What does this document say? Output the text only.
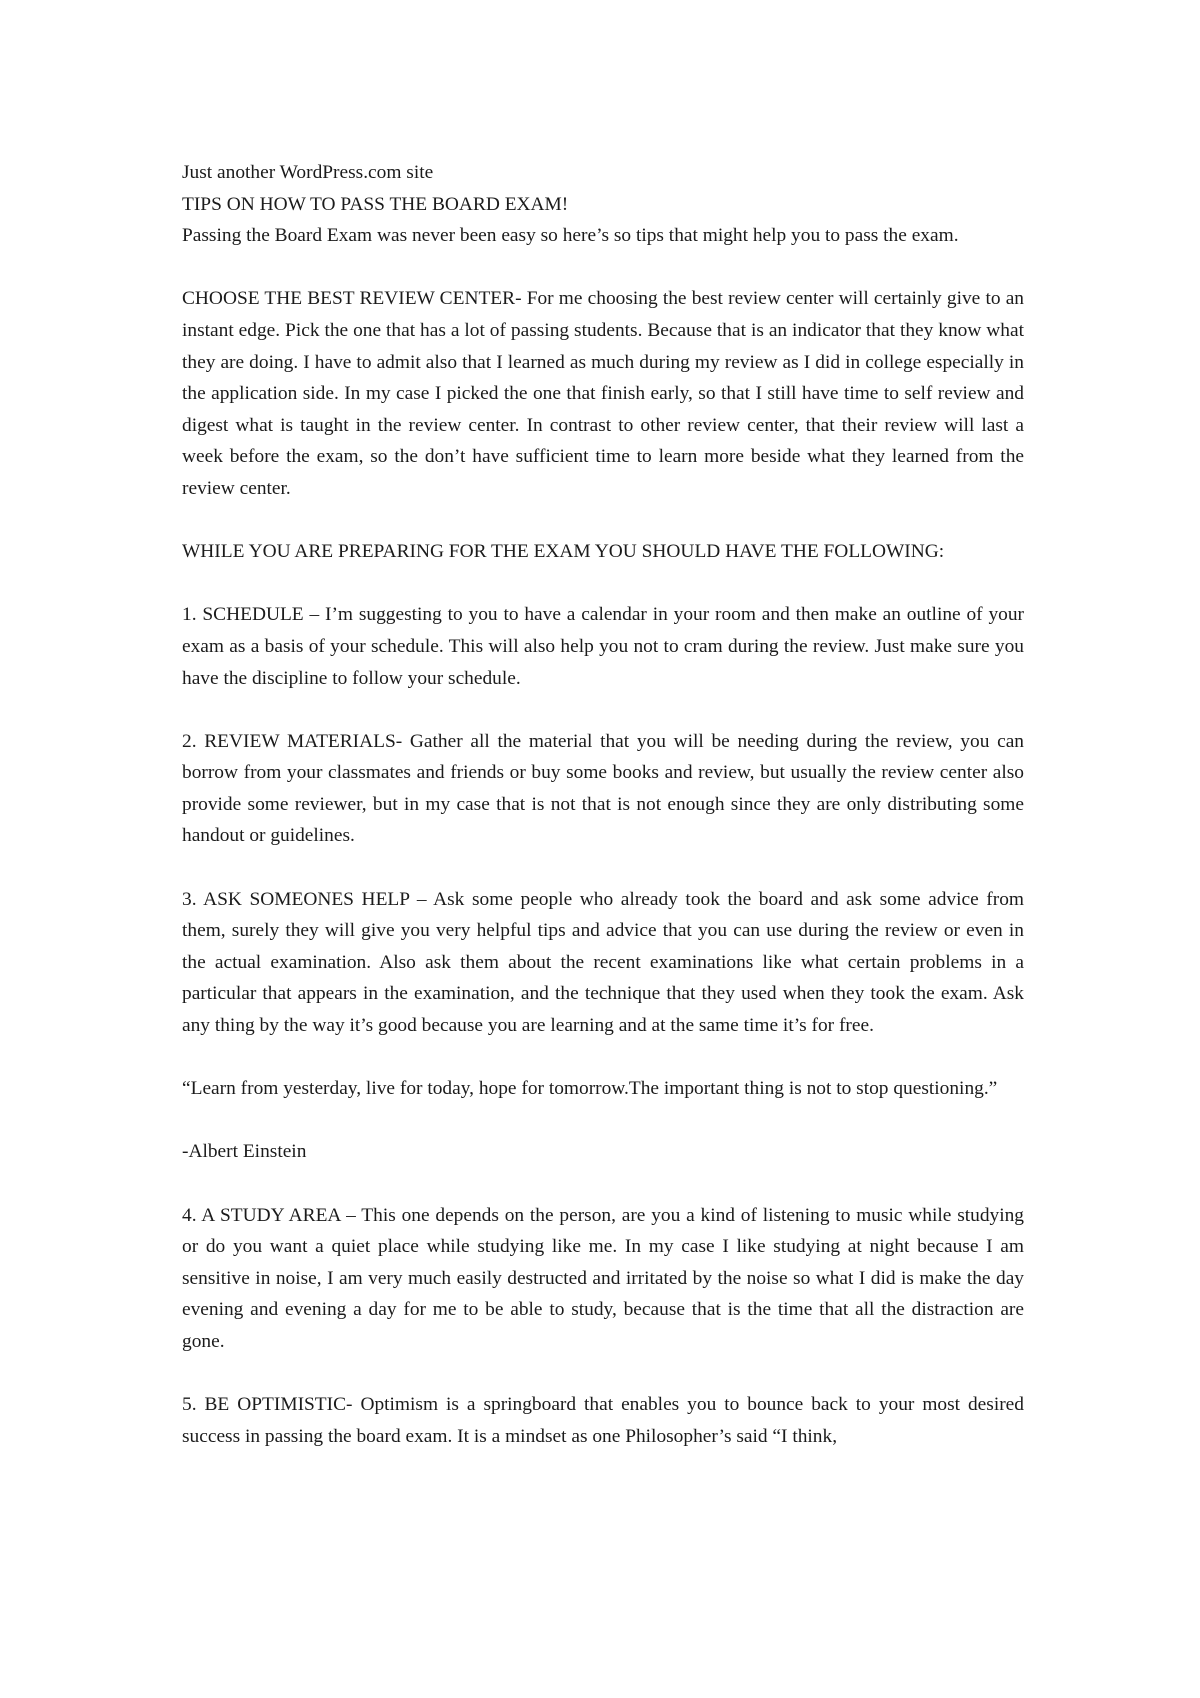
Just another WordPress.com site

TIPS ON HOW TO PASS THE BOARD EXAM!

Passing the Board Exam was never been easy so here’s so tips that might help you to pass the exam.

CHOOSE THE BEST REVIEW CENTER- For me choosing the best review center will certainly give to an instant edge. Pick the one that has a lot of passing students. Because that is an indicator that they know what they are doing. I have to admit also that I learned as much during my review as I did in college especially in the application side. In my case I picked the one that finish early, so that I still have time to self review and digest what is taught in the review center. In contrast to other review center, that their review will last a week before the exam, so the don’t have sufficient time to learn more beside what they learned from the review center.

WHILE YOU ARE PREPARING FOR THE EXAM YOU SHOULD HAVE THE FOLLOWING:

1. SCHEDULE – I’m suggesting to you to have a calendar in your room and then make an outline of your exam as a basis of your schedule. This will also help you not to cram during the review. Just make sure you have the discipline to follow your schedule.

2. REVIEW MATERIALS- Gather all the material that you will be needing during the review, you can borrow from your classmates and friends or buy some books and review, but usually the review center also provide some reviewer, but in my case that is not that is not enough since they are only distributing some handout or guidelines.

3. ASK SOMEONES HELP – Ask some people who already took the board and ask some advice from them, surely they will give you very helpful tips and advice that you can use during the review or even in the actual examination. Also ask them about the recent examinations like what certain problems in a particular that appears in the examination, and the technique that they used when they took the exam. Ask any thing by the way it’s good because you are learning and at the same time it’s for free.

“Learn from yesterday, live for today, hope for tomorrow.The important thing is not to stop questioning.”

-Albert Einstein

4. A STUDY AREA – This one depends on the person, are you a kind of listening to music while studying or do you want a quiet place while studying like me. In my case I like studying at night because I am sensitive in noise, I am very much easily destructed and irritated by the noise so what I did is make the day evening and evening a day for me to be able to study, because that is the time that all the distraction are gone.

5. BE OPTIMISTIC- Optimism is a springboard that enables you to bounce back to your most desired success in passing the board exam. It is a mindset as one Philosopher’s said “I think,
